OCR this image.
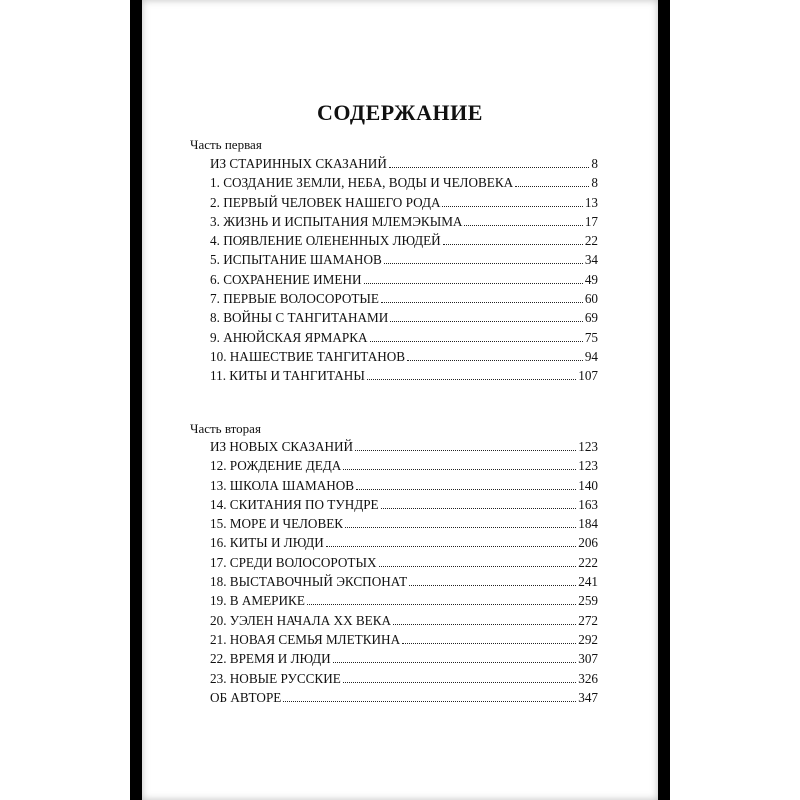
СОДЕРЖАНИЕ
Часть первая
ИЗ СТАРИННЫХ СКАЗАНИЙ	8
1. СОЗДАНИЕ ЗЕМЛИ, НЕБА, ВОДЫ И ЧЕЛОВЕКА	8
2. ПЕРВЫЙ ЧЕЛОВЕК НАШЕГО РОДА	13
3. ЖИЗНЬ И ИСПЫТАНИЯ МЛЕМЭКЫМА	17
4. ПОЯВЛЕНИЕ ОЛЕНЕННЫХ ЛЮДЕЙ	22
5. ИСПЫТАНИЕ ШАМАНОВ	34
6. СОХРАНЕНИЕ ИМЕНИ	49
7. ПЕРВЫЕ ВОЛОСОРОТЫЕ	60
8. ВОЙНЫ С ТАНГИТАНАМИ	69
9. АНЮЙСКАЯ ЯРМАРКА	75
10. НАШЕСТВИЕ ТАНГИТАНОВ	94
11. КИТЫ И ТАНГИТАНЫ	107
Часть вторая
ИЗ НОВЫХ СКАЗАНИЙ	123
12. РОЖДЕНИЕ ДЕДА	123
13. ШКОЛА ШАМАНОВ	140
14. СКИТАНИЯ ПО ТУНДРЕ	163
15. МОРЕ И ЧЕЛОВЕК	184
16. КИТЫ И ЛЮДИ	206
17. СРЕДИ ВОЛОСОРОТЫХ	222
18. ВЫСТАВОЧНЫЙ ЭКСПОНАТ	241
19. В АМЕРИКЕ	259
20. УЭЛЕН НАЧАЛА XX ВЕКА	272
21. НОВАЯ СЕМЬЯ МЛЕТКИНА	292
22. ВРЕМЯ И ЛЮДИ	307
23. НОВЫЕ РУССКИЕ	326
ОБ АВТОРЕ	347
